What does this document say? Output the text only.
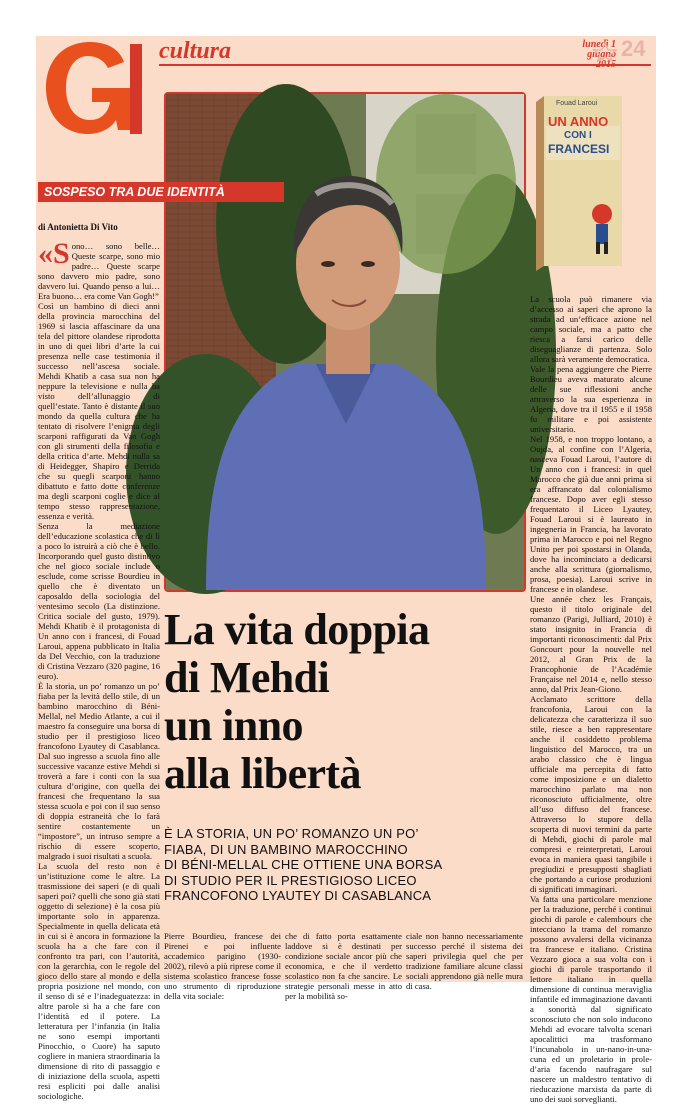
cultura	lunedì 1
giugno
2015
24
SOSPESO TRA DUE IDENTITÀ
Fouad Laroui
UN ANNO
CON I
FRANCESI
di Antonietta Di Vito

«Sono… sono belle… Queste scarpe, sono mio padre… Queste scarpe sono davvero mio padre, sono davvero lui. Quando penso a lui… Era buono… era come Van Gogh!”

Così un bambino di dieci anni della provincia marocchina del 1969 si lascia affascinare da una tela del pittore olandese riprodotta in uno di quei libri d’arte la cui presenza nelle case testimonia il successo nell’ascesa sociale. Mehdi Khatib a casa sua non ha neppure la televisione e nulla ha visto dell’allunaggio di quell’estate. Tanto è distante il suo mondo da quella cultura che ha tentato di risolvere l’enigma degli scarponi raffigurati da Van Gogh con gli strumenti della filosofia e della critica d’arte. Mehdi nulla sa di Heidegger, Shapiro e Derrida che su quegli scarponi hanno dibattuto e fatto dotte conferenze ma degli scarponi coglie e dice al tempo stesso rappresentazione, essenza e verità.

Senza la mediazione dell’educazione scolastica che di lì a poco lo istruirà a ciò che è bello. Incorporando quel gusto distintivo che nel gioco sociale include o esclude, come scrisse Bourdieu in quello che è diventato un caposaldo della sociologia del ventesimo secolo (La distinzione. Critica sociale del gusto, 1979). Mehdi Khatib è il protagonista di Un anno con i francesi, di Fouad Laroui, appena pubblicato in Italia da Del Vecchio, con la traduzione di Cristina Vezzaro (320 pagine, 16 euro).

È la storia, un po’ romanzo un po’ fiaba per la levità dello stile, di un bambino marocchino di Béni-Mellal, nel Medio Atlante, a cui il maestro fa conseguire una borsa di studio per il prestigioso liceo francofono Lyautey di Casablanca. Dal suo ingresso a scuola fino alle successive vacanze estive Mehdi si troverà a fare i conti con la sua cultura d’origine, con quella dei francesi che frequentano la sua stessa scuola e poi con il suo senso di doppia estraneità che lo farà sentire costantemente un “impostore”, un intruso sempre a rischio di essere scoperto, malgrado i suoi risultati a scuola.

La scuola del resto non è un’istituzione come le altre. La trasmissione dei saperi (e di quali saperi poi? quelli che sono già stati oggetto di selezione) è la cosa più importante solo in apparenza. Specialmente in quella delicata età in cui si è ancora in formazione la scuola ha a che fare con il confronto tra pari, con l’autorità, con la gerarchia, con le regole del gioco dello stare al mondo e della propria posizione nel mondo, con il senso di sé e l’inadeguatezza: in altre parole si ha a che fare con l’identità ed il potere. La letteratura per l’infanzia (in Italia ne sono esempi importanti Pinocchio, o Cuore) ha saputo cogliere in maniera straordinaria la dimensione di rito di passaggio e di iniziazione della scuola, aspetti resi espliciti poi dalle analisi sociologiche.

La scuola può rimanere via d’accesso ai saperi che aprono la strada ad un’efficace azione nel campo sociale, ma a patto che riesca a farsi carico delle diseguaglianze di partenza. Solo allora sarà veramente democratica.

Vale la pena aggiungere che Pierre Bourdieu aveva maturato alcune delle sue riflessioni anche attraverso la sua esperienza in Algeria, dove tra il 1955 e il 1958 fu militare e poi assistente universitario.

Nel 1958, e non troppo lontano, a Oujda, al confine con l’Algeria, nasceva Fouad Laroui, l’autore di Un anno con i francesi: in quel Marocco che già due anni prima si era affrancato dal colonialismo francese. Dopo aver egli stesso frequentato il Liceo Lyautey, Fouad Laroui si è laureato in ingegneria in Francia, ha lavorato prima in Marocco e poi nel Regno Unito per poi spostarsi in Olanda, dove ha incominciato a dedicarsi anche alla scrittura (giornalismo, prosa, poesia). Laroui scrive in francese e in olandese.

Une année chez les Français, questo il titolo originale del romanzo (Parigi, Julliard, 2010) è stato insignito in Francia di importanti riconoscimenti: dal Prix Goncourt pour la nouvelle nel 2012, al Gran Prix de la Francophonie de l’Académie Française nel 2014 e, nello stesso anno, dal Prix Jean-Giono.

Acclamato scrittore della francofonia, Laroui con la delicatezza che caratterizza il suo stile, riesce a ben rappresentare anche il cosiddetto problema linguistico del Marocco, tra un arabo classico che è lingua ufficiale ma percepita di fatto come imposizione e un dialetto marocchino parlato ma non riconosciuto ufficialmente, oltre all’uso diffuso del francese. Attraverso lo stupore della scoperta di nuovi termini da parte di Mehdi, giochi di parole mal compresi e reinterpretati, Laroui evoca in maniera quasi tangibile i pregiudizi e presupposti sbagliati che portando a curiose produzioni di significati immaginari.

Va fatta una particolare menzione per la traduzione, perché i continui giochi di parole e calembours che intecciano la trama del romanzo possono avvalersi della vicinanza tra francese e italiano. Cristina Vezzaro gioca a sua volta con i giochi di parole trasportando il lettore italiano in quella dimensione di continua meraviglia infantile ed immaginazione davanti a sonorità dal significato sconosciuto che non solo inducono Mehdi ad evocare talvolta scenari apocalittici ma trasformano l’incunabolo in un-nano-in-una-cuna ed un proletario in prole-d’aria facendo naufragare sul nascere un maldestro tentativo di rieducazione marxista da parte di uno dei suoi sorveglianti.

La vita doppia
di Mehdi
un inno
alla libertà
È LA STORIA, UN PO’ ROMANZO UN PO’
FIABA, DI UN BAMBINO MAROCCHINO
DI BÉNI-MELLAL CHE OTTIENE UNA BORSA
DI STUDIO PER IL PRESTIGIOSO LICEO
FRANCOFONO LYAUTEY DI CASABLANCA

Pierre Bourdieu, francese dei Pirenei e poi influente accademico parigino (1930-2002), rilevò a più riprese come il sistema scolastico francese fosse uno strumento di riproduzione della vita sociale:

che di fatto porta esattamente laddove si è destinati per condizione sociale ancor più che economica, e che il verdetto scolastico non fa che sancire. Le strategie personali messe in atto per la mobilità so-

ciale non hanno necessariamente successo perché il sistema dei saperi privilegia quel che per tradizione familiare alcune classi sociali apprendono già nelle mura di casa.
